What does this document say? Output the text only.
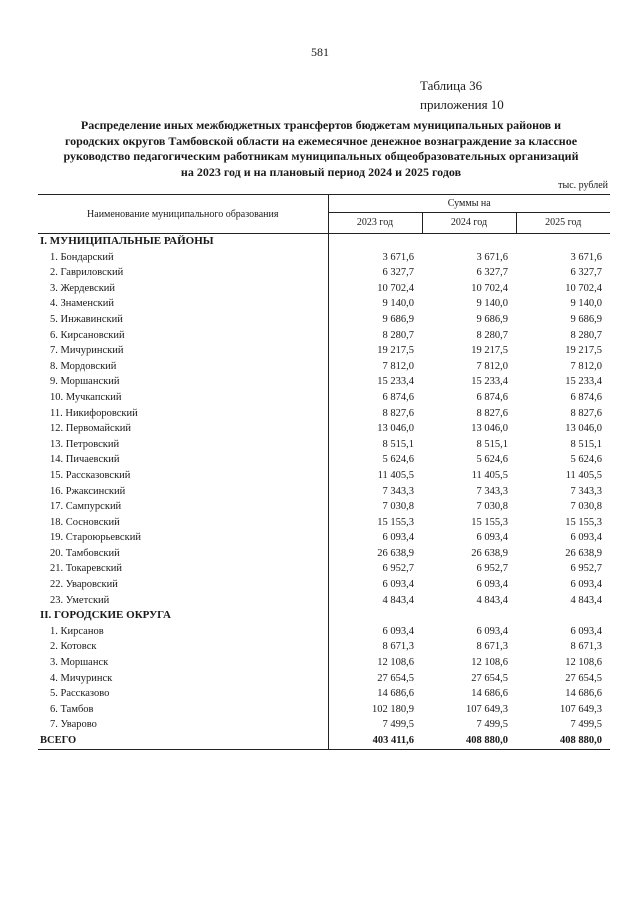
581
Таблица 36
приложения 10
Распределение иных межбюджетных трансфертов бюджетам муниципальных районов и
городских округов Тамбовской области на ежемесячное денежное вознаграждение за классное
руководство педагогическим работникам муниципальных общеобразовательных организаций
на 2023 год и на плановый период 2024 и 2025 годов
тыс. рублей
Наименование муниципального образования	Суммы на		
	2023 год	2024 год	2025 год
I. МУНИЦИПАЛЬНЫЕ РАЙОНЫ			
1. Бондарский	3 671,6	3 671,6	3 671,6
2. Гавриловский	6 327,7	6 327,7	6 327,7
3. Жердевский	10 702,4	10 702,4	10 702,4
4. Знаменский	9 140,0	9 140,0	9 140,0
5. Инжавинский	9 686,9	9 686,9	9 686,9
6. Кирсановский	8 280,7	8 280,7	8 280,7
7. Мичуринский	19 217,5	19 217,5	19 217,5
8. Мордовский	7 812,0	7 812,0	7 812,0
9. Моршанский	15 233,4	15 233,4	15 233,4
10. Мучкапский	6 874,6	6 874,6	6 874,6
11. Никифоровский	8 827,6	8 827,6	8 827,6
12. Первомайский	13 046,0	13 046,0	13 046,0
13. Петровский	8 515,1	8 515,1	8 515,1
14. Пичаевский	5 624,6	5 624,6	5 624,6
15. Рассказовский	11 405,5	11 405,5	11 405,5
16. Ржаксинский	7 343,3	7 343,3	7 343,3
17. Сампурский	7 030,8	7 030,8	7 030,8
18. Сосновский	15 155,3	15 155,3	15 155,3
19. Староюрьевский	6 093,4	6 093,4	6 093,4
20. Тамбовский	26 638,9	26 638,9	26 638,9
21. Токаревский	6 952,7	6 952,7	6 952,7
22. Уваровский	6 093,4	6 093,4	6 093,4
23. Уметский	4 843,4	4 843,4	4 843,4
II. ГОРОДСКИЕ ОКРУГА			
1. Кирсанов	6 093,4	6 093,4	6 093,4
2. Котовск	8 671,3	8 671,3	8 671,3
3. Моршанск	12 108,6	12 108,6	12 108,6
4. Мичуринск	27 654,5	27 654,5	27 654,5
5. Рассказово	14 686,6	14 686,6	14 686,6
6. Тамбов	102 180,9	107 649,3	107 649,3
7. Уварово	7 499,5	7 499,5	7 499,5
ВСЕГО	403 411,6	408 880,0	408 880,0
